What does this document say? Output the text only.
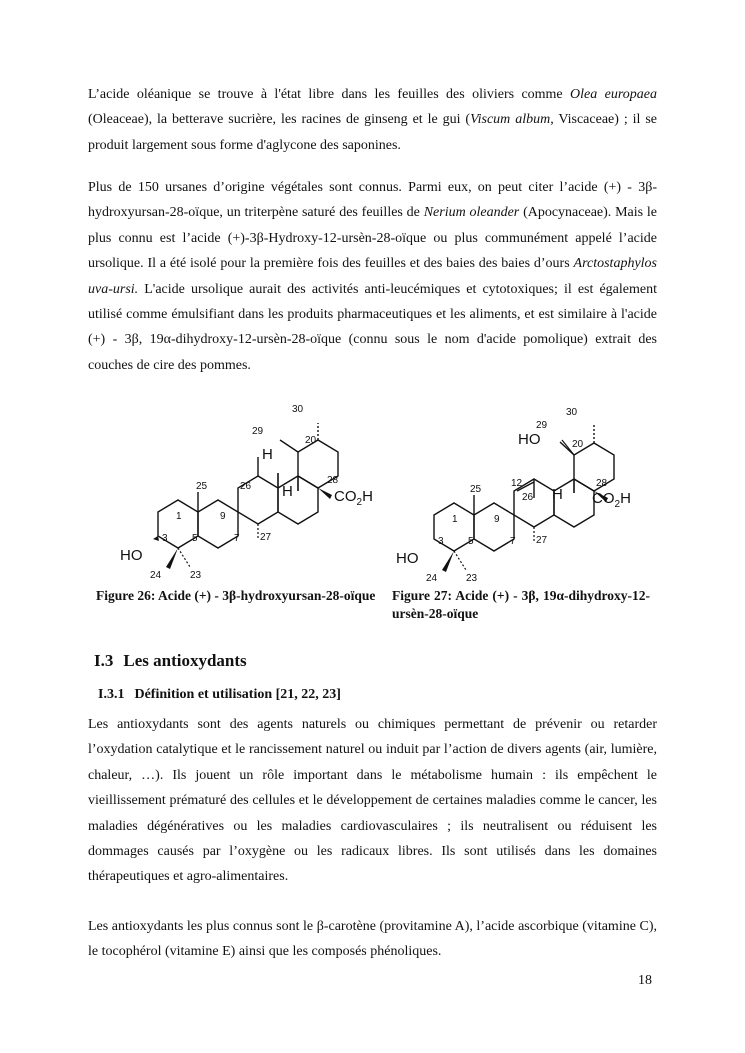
L’acide oléanique se trouve à l'état libre dans les feuilles des oliviers comme Olea europaea (Oleaceae), la betterave sucrière, les racines de ginseng et le gui (Viscum album, Viscaceae) ; il se produit largement sous forme d'aglycone des saponines.

Plus de 150 ursanes d’origine végétales sont connus. Parmi eux, on peut citer l’acide (+) - 3β-hydroxyursan-28-oïque, un triterpène saturé des feuilles de Nerium oleander (Apocynaceae). Mais le plus connu est l’acide (+)-3β-Hydroxy-12-ursèn-28-oïque ou plus communément appelé l’acide ursolique. Il a été isolé pour la première fois des feuilles et des baies des baies d’ours Arctostaphylos uva-ursi. L'acide ursolique aurait des activités anti-leucémiques et cytotoxiques; il est également utilisé comme émulsifiant dans les produits pharmaceutiques et les aliments, et est similaire à l'acide (+) - 3β, 19α-dihydroxy-12-ursèn-28-oïque (connu sous le nom d'acide pomolique) extrait des couches de cire des pommes.

30
29
20
28
25	26
1	9
3 5	7 27
24	23
H
H	$CO_2H$
HO
30
29
20
12
25
26
28
1	9
3 5	7 27
24	23
HO
H $CO_2H$
HO

Figure 26: Acide (+) - 3β-hydroxyursan-28-oïque	Figure 27: Acide (+) - 3β, 19α-dihydroxy-12-ursèn-28-oïque

I.3 Les antioxydants
I.3.1 Définition et utilisation [21, 22, 23]

Les antioxydants sont des agents naturels ou chimiques permettant de prévenir ou retarder l’oxydation catalytique et le rancissement naturel ou induit par l’action de divers agents (air, lumière, chaleur, …). Ils jouent un rôle important dans le métabolisme humain : ils empêchent le vieillissement prématuré des cellules et le développement de certaines maladies comme le cancer, les maladies dégénératives ou les maladies cardiovasculaires ; ils neutralisent ou réduisent les dommages causés par l’oxygène ou les radicaux libres. Ils sont utilisés dans les domaines thérapeutiques et agro-alimentaires.

Les antioxydants les plus connus sont le β-carotène (provitamine A), l’acide ascorbique (vitamine C), le tocophérol (vitamine E) ainsi que les composés phénoliques.

18
